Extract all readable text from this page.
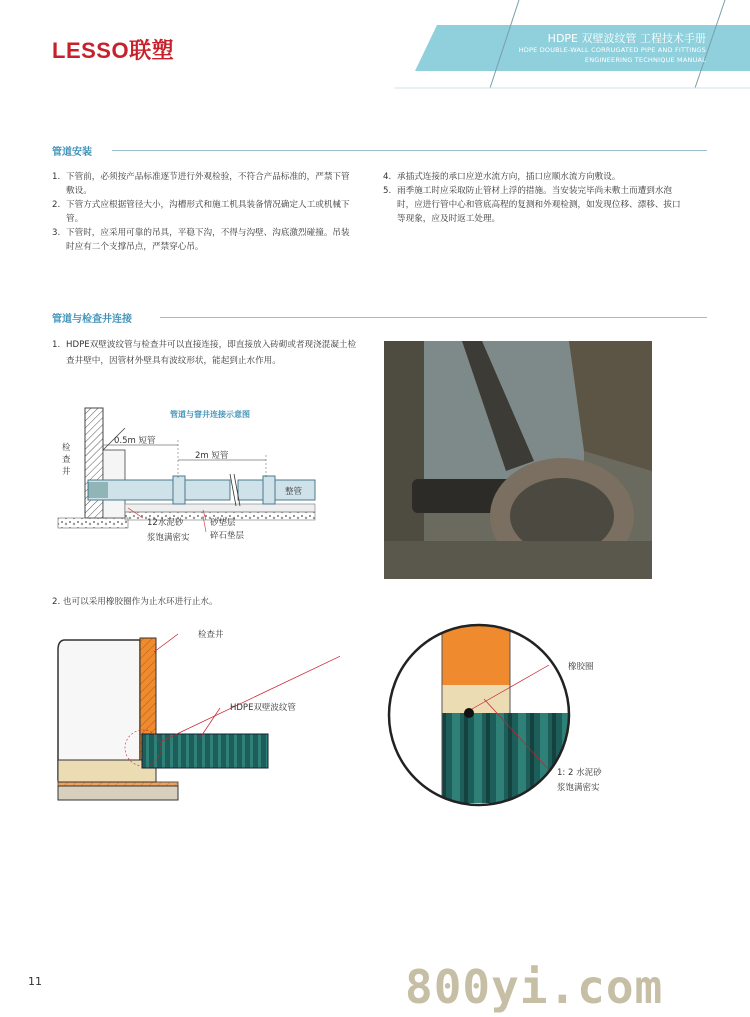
LESSO联塑	HDPE 双壁波纹管 工程技术手册
HDPE DOUBLE-WALL CORRUGATED PIPE AND FITTINGS
ENGINEERING TECHNIQUE MANUAL
管道安装
1. 下管前，必须按产品标准逐节进行外观检验，不符合产品标准的，严禁下管敷设。
2. 下管方式应根据管径大小，沟槽形式和施工机具装备情况确定人工或机械下管。
3. 下管时，应采用可靠的吊具，平稳下沟，不得与沟壁、沟底激烈碰撞。吊装时应有二个支撑吊点，严禁穿心吊。
4. 承插式连接的承口应逆水流方向，插口应顺水流方向敷设。
5. 雨季施工时应采取防止管材上浮的措施。当安装完毕尚未敷土而遭到水泡时，应进行管中心和管底高程的复测和外观检测，如发现位移、漂移、拔口等现象，应及时返工处理。
管道与检查井连接
1. HDPE双壁波纹管与检查井可以直接连接，即直接放入砖砌或者现浇混凝土检查井壁中，因管材外壁具有波纹形状，能起到止水作用。
管道与窨井连接示意图
检查井
0.5m 短管
2m 短管
整管
12水泥砂
浆饱满密实
砂垫层
碎石垫层
2. 也可以采用橡胶圈作为止水环进行止水。
检查井
HDPE双壁波纹管
橡胶圈
1: 2 水泥砂
浆饱满密实
11	800yi.com
